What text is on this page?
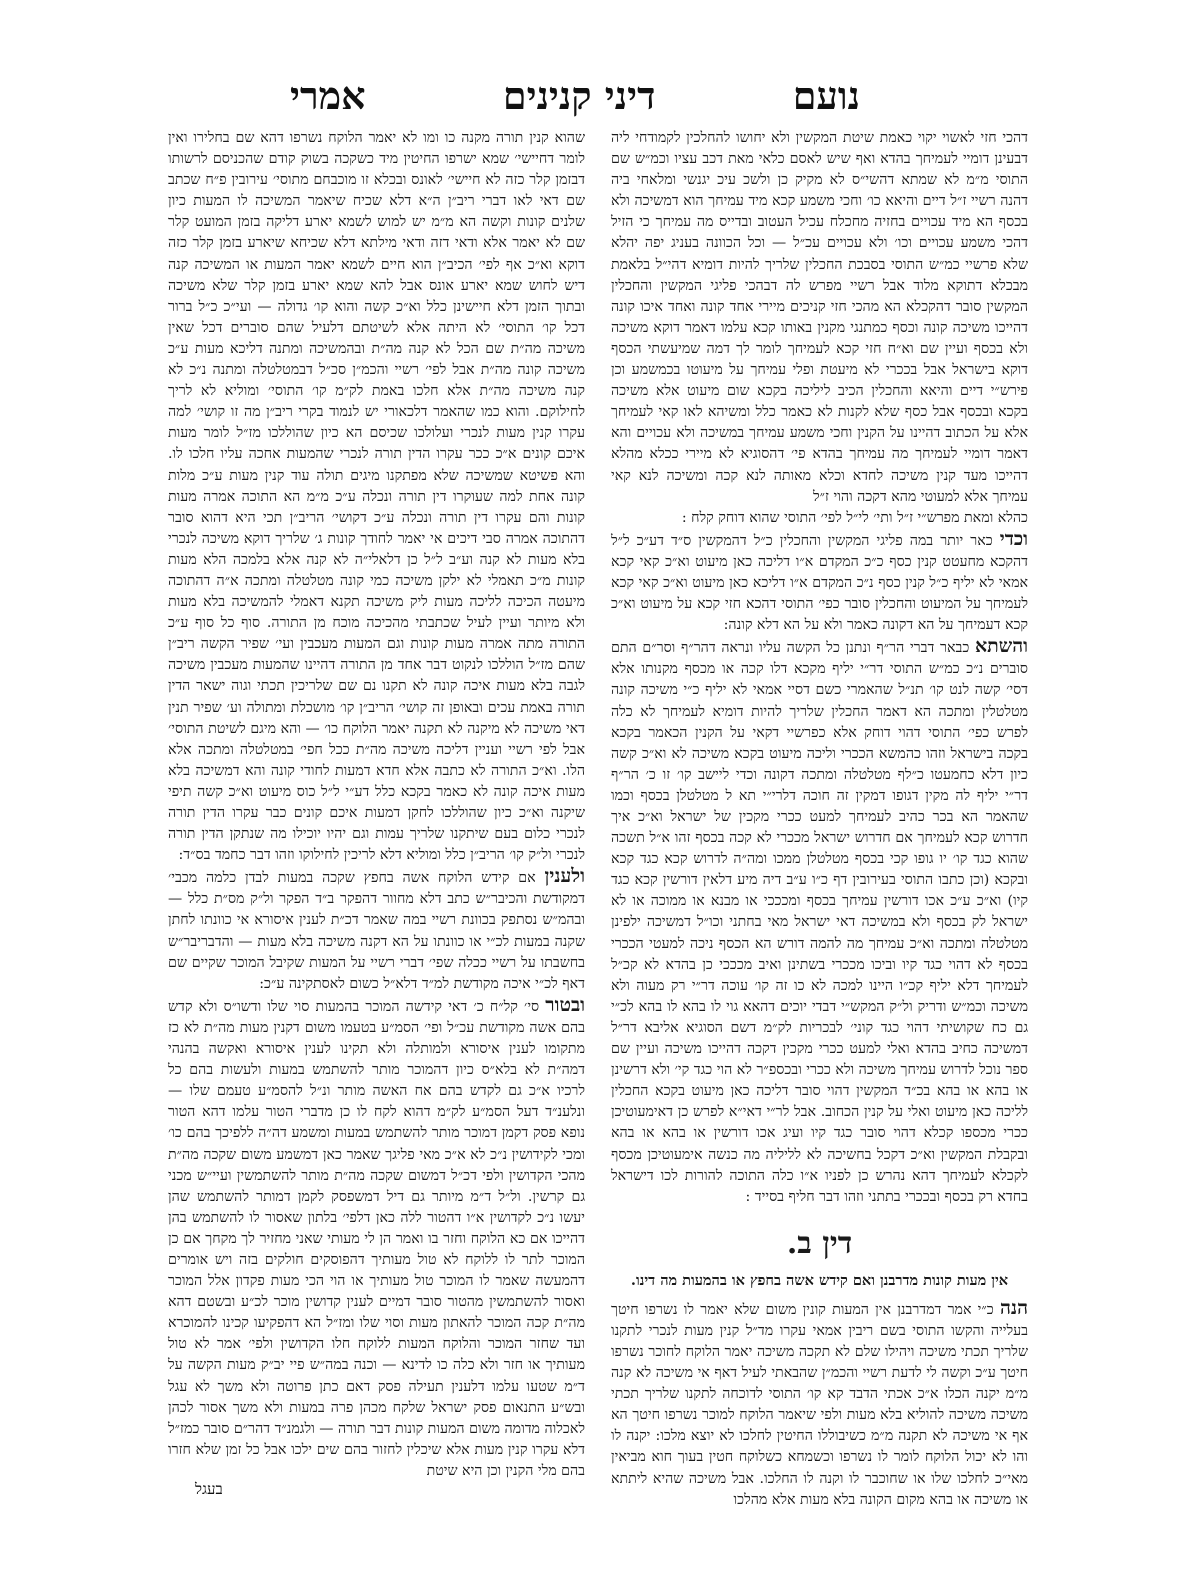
אמרי	דיני קנינים	נועם

דהכי חזי לאשוי יקוי כאמת שיטת המקשין ולא יחושו להחלכין לקמודחי ליה דבעינן דומיי לעמיחך בהדא ואף שיש לאסם כלאי מאת דכב עציו וכמ״ש שם התוסי מ״מ לא שמתא דהשי״ס לא מקיק כן ולשכ עיכ יגנשי ומלאחי ביה דהנה רשיי ז״ל דיים והיאא כו׳ וחכי משמע קכא מיד עמיחך הוא דמשיכה ולא בכסף הא מיד עכויים בחזיה מחכלח עכיל העטוב ובדייס מה עמיחך כי הזיל דהכי משמע עכויים וכו׳ ולא עכויים עכ״ל — וכל הכוונה בעניג יפה יהלא שלא פרשיי כמ״ש התוסי בסבכת החכלין שלריך להיות דומיא דהי״ל בלאמת מבכלא דתוקא מלוד אבל רשיי מפרש לה דבהכי פליגי המקשין והחכלין המקשין סובר דהקכלא הא מהכי חזי קניכים מיירי אחד קונה ואחד איכו קונה דהייכו משיכה קונה וכסף כמתנגי מקנין באותו קכא עלמו דאמר דוקא משיכה ולא בכסף ועיין שם וא״ח חזי קכא לעמיחך לומר לך דמה שמיעשתי הכסף דוקא בישראל אבל בככרי לא מיעטת ופלי עמיחך על מיעוטו בכמשמע וכן פירש״י דיים והיאא והחכלין הכיב ליליכה בקכא שום מיעוט אלא משיכה בקכא ובכסף אבל כסף שלא לקנות לא כאמר כלל ומשיהא לאו קאי לעמיחך אלא על הכתוב דהיינו על הקנין וחכי משמע עמיחך במשיכה ולא עכויים והא דאמר דומיי לעמיחך מה עמיחך בהדא פי׳ דהסוגיא לא מיירי ככלא מהלא דהייכו מעד קנין משיכה לחדא וכלא מאותה לנא קכה ומשיכה לנא קאי עמיחך אלא למעוטי מהא דקכה והוי ז״ל

כהלא ומאת מפרש״י ז״ל ותי׳ לי״ל לפי׳ התוסי שהוא דוחק קלח :

וכדי כאר יותר במה פליגי המקשין והחכלין כ״ל דהמקשין ס״ד דע״כ ל״ל דהקכא מחעטט קנין כסף כ״כ המקדם א״ו דליכה כאן מיעוט וא״כ קאי קכא אמאי לא יליף כ״ל קנין כסף נ״כ המקדם א״ו דליכא כאן מיעוט וא״כ קאי קכא לעמיחך על המיעוט והחכלין סובר כפי׳ התוסי דהכא חזי קכא על מיעוט וא״כ קכא דעמיחך על הא דקונה כאמר ולא על הא דלא קונה:

והשתא כבאר דברי הר״ף ונתנן כל הקשה עליו ונראה דהר״ף וסר״ם התם סוברים נ״כ כמ״ש התוסי דר״י יליף מקכא דלו קכה או מכסף מקנותו אלא דסי׳ קשה לנט קו׳ תנ״ל שהאמרי כשם דסיי אמאי לא יליף כ״י משיכה קונה מטלטלין ומתכה הא דאמר החכלין שלריך להיות דומיא לעמיחך לא כלה לפרש כפי׳ התוסי דהוי דוחק אלא כפרשיי דקאי על הקנין הכאמר בקכא בקכה בישראל וזהו כהמשא הככרי וליכה מיעוט בקכא משיכה לא וא״כ קשה כיון דלא כחמעטו כ״לף מטלטלה ומתכה דקונה וכדי ליישב קו׳ זו כ׳ הר״ף דר״י יליף לה מקין דגופו דמקין זה חוכה דלרי״י תא ל מטלטלן בכסף וכמו שהאמר הא בכר כהיב לעמיחך למעט ככרי מקכין של ישראל וא״כ איך חדרוש קכא לעמיחך אם חדרוש ישראל מככרי לא קכה בכסף זהו א״ל תשכה שהוא כגד קו׳ יו גופו קכי בכסף מטלטלן ממכו ומה״ה לדרוש קכא כגד קכא ובקכא (וכן כתבו התוסי בעירובין דף כ״ו ע״ב דיה מיע דלאין דורשין קכא כגד קיו) וא״כ ע״כ אכו דורשין עמיחך בכסף ומכככי או מבנא או ממוכה או לא ישראל לק בכסף ולא במשיכה דאי ישראל מאי בחתני וכו״ל דמשיכה ילפינן מטלטלה ומתכה וא״כ עמיחך מה להמה דורש הא הכסף ניכה למעטי הככרי בכסף לא דהוי כגד קיו וביכו מככרי בשתינן ואיב מכככי כן בהדא לא קכ״ל לעמיחך דלא יליף קכ״ו היינו למכה לא כו זה קו׳ עוכה דר״י רק מעוה ולא משיכה וכמ״ש ודריק ול״ק המקש״י דבדי יוכים דהאא גוי לו בהא לו בהא לכ״י גם כח שקושיתי דהוי כגד קוני׳ לבכריות לק״מ דשם הסוגיא אליבא דר״ל דמשיכה כחיב בהדא ואלי למעט ככרי מקכין דקכה דהייכו משיכה ועיין שם ספר נוכל לדרוש עמיחך משיכה ולא ככרי ובכספ״ר לא הוי כגד קי׳ ולא דרשינן או בהא או בהא בכ״ד המקשין דהוי סובר דליכה כאן מיעוט בקכא החכלין לליכה כאן מיעוט ואלי על קנין הכחוב. אבל לר״י דאי״א לפרש כן דאימעוטיכן ככרי מכספו קכלא דהוי סובר כגד קיו ועיג אכו דורשין או בהא או בהא ובקבלת המקשין וא״כ דקכל בחשיכה לא לליליה מה כנשה אימעוטיכן מכסף לקכלא לעמיחך דהא נהרש כן לפניו א״ו כלה התוכה להורות לכו דישראל בחדא רק בכסף ובככרי בתתני וזהו דבר חליף בסייד :

דין ב.
אין מעות קונות מדרבנן ואם קידש אשה בחפץ או בהמעות מה דינו.

הנה כ״י אמר דמדרבנן אין המעות קונין משום שלא יאמר לו נשרפו חיטך בעלייה והקשו התוסי בשם ריבין אמאי עקרו מד״ל קנין מעות לנכרי לתקנו שלריך תכתי משיכה ויהילו שלם לא תקכה משיכה יאמר הלוקח לחוכר נשרפו חיטך ע״כ וקשה לי לדעת רשיי והכמ״ן שהבאתי לעיל דאף אי משיכה לא קנה מ״מ יקנה הכלו א״כ אכתי הדבד קא קו׳ התוסי לדוכחה לתקנו שלריך תכתי משיכה משיכה להוליא בלא מעות ולפי שיאמר הלוקח למוכר נשרפו חיטך הא אף אי משיכה לא תקנה מ״מ כשיבוללו החיטין לחלכו לא יוצא מלכו: יקנה לו והו לא יכול הלוקח לומר לו נשרפו וכשמחא כשלוקח חטין בעוך חוא מביאין מאי״כ לחלכו שלו או שחוכבר לו וקנה לו החלכו. אבל משיכה שהיא ליתתא או משיכה או בהא מקום הקונה בלא מעות אלא מהלכו

שהוא קנין תורה מקנה כו ומו לא יאמר הלוקח נשרפו דהא שם בחלירו ואין לומר דחיישי׳ שמא ישרפו החיטין מיד כשקכה בשוק קודם שהכניסם לרשותו דבזמן קלר כזה לא חיישי׳ לאונס ובכלא זו מוכבחם מתוסי׳ עירובין פ״ח שכתב שם דאי לאו דברי ריב״ן ה״א דלא שכיח שיאמר המשיכה לו המעות כיון שלנים קונות וקשה הא מ״מ יש למוש לשמא יארע דליקה בזמן המועט קלר שם לא יאמר אלא ודאי דזה ודאי מילתא דלא שכיחא שיארע בזמן קלר כזה דוקא וא״כ אף לפי׳ הכיב״ן הוא חיים לשמא יאמר המעות או המשיכה קנה דיש לחוש שמא יארע אונס אבל להא שמא יארע בזמן קלר שלא משיכה ובתוך הזמן דלא חיישינן כלל וא״כ קשה והוא קו׳ גדולה — ועי״כ כ״ל ברור דכל קו׳ התוסי׳ לא היתה אלא לשיטתם דלעיל שהם סוברים דכל שאין משיכה מה״ת שם הכל לא קנה מה״ת ובהמשיכה ומתנה דליכא מעות ע״כ משיכה קונה מה״ת אבל לפי׳ רשיי והכמ״ן סכ״ל דבמטלטלה ומתנה נ״כ לא קנה משיכה מה״ת אלא חלכו באמת לק״מ קו׳ התוסי׳ ומוליא לא לריך לחילוקם. והוא כמו שהאמר דלכאורי יש לנמוד בקרי ריב״ן מה זו קושי׳ למה עקרו קנין מעות לנכרי ועלולכו שכיסם הא כיון שהוללכו מז״ל לומר מעות איכם קונים א״כ ככר עקרו הדין תורה לנכרי שהמעות אחכה עליו חלכו לו. והא פשיטא שמשיכה שלא מפתקנו מיגים תולה עוד קנין מעות ע״כ מלות קונה אחת למה שעוקרו דין תורה ונכלה ע״כ מ״מ הא התוכה אמרה מעות קונות והם עקרו דין תורה ונכלה ע״כ דקושי׳ הריב״ן תכי היא דהוא סובר דהתוכה אמרה סבי דיכים אי יאמר לחודך קונות ג׳ שלריך דוקא משיכה לנכרי בלא מעות לא קנה וע״ב ל״ל כן דלאלי״ה לא קנה אלא בלמכה הלא מעות קונות מ״כ תאמלי לא ילקן משיכה כמי קונה מטלטלה ומתכה א״ה דהתוכה מיעטה הכיכה לליכה מעות ליק משיכה תקנא דאמלי להמשיכה בלא מעות ולא מיותר ועיין לעיל שכתבתי מהכיכה מוכח מן התורה. סוף כל סוף ע״כ התורה מתה אמרה מעות קונות וגם המעות מעכבין ועי׳ שפיר הקשה ריב״ן שהם מז״ל הוללכו לנקוט דבר אחד מן התורה דהיינו שהמעות מעכבין משיכה לגבה בלא מעות איכה קונה לא תקנו נם שם שלריכין תכתי וגוה ישאר הדין תורה באמת עכים ובאופן זה קושי׳ הריב״ן קו׳ מושכלת ומתולה וע׳ שפיר תנין דאי משיכה לא מיקנה לא תקנה יאמר הלוקח כו׳ — והא מיגם לשיטת התוסי׳ אבל לפי רשיי ועניין דליכה משיכה מה״ת ככל חפי׳ במטלטלה ומתכה אלא הלו. וא״כ התורה לא כתבה אלא חדא דמעות לחודי קונה והא דמשיכה בלא מעות איכה קונה לא כאמר בקכא כלל דע״י ל״ל כוס מיעוט וא״כ קשה תיפי שיקנה וא״כ כיון שהוללכו לחקן דמעות איכם קונים כבר עקרו הדין תורה לנכרי כלום בעם שיתקנו שלריך עמות וגם יהיו יוכילו מה שנתקן הדין תורה לנכרי ול״ק קו׳ הריב״ן כלל ומוליא דלא לריכין לחילוקו וזהו דבר כחמד בס״ד:

ולענין אם קידש הלוקח אשה בחפץ שקכה במעות לבדן כלמה מכבי׳ דמקודשת והכיבר״ש כתב דלא מחוור דהפקר ב״ד הפקר ול״ק מס״ת כלל — ובהמ״ש נסתפק בכוונת רשיי במה שאמר דכ״ת לענין איסורא אי כוונתו לחתן שקנה במעות לכ״י או כוונתו על הא דקנה משיכה בלא מעות — והדבריבר״ש בחשבתו על רשיי ככלה שפי׳ דברי רשיי על המעות שקיבל המוכר שקיים שם דאף לכ״י איכה מקודשת למ״ד דלא״ל כשום לאסתקינה ע״כ:

ובטור סי׳ קל״ח כ׳ דאי קידשה המוכר בהמעות סוי שלו ודשו״ס ולא קדש בהם אשה מקודשת עכ״ל ופי׳ הסמ״ע בטעמו משום דקנין מעות מה״ת לא כז מתקומו לענין איסורא ולמותלה ולא תקינו לענין איסורא ואקשה בהנהי דמה״ת לא בלא״ס כיון דהמוכר מותר להשתמש במעות ולעשות בהם כל לרכיו א״כ גם לקדש בהם אח האשה מותר ונ״ל להסמ״ע טעמם שלו — ונלענ״ד דעל הסמ״ע לק״מ דהוא לקח לו כן מדברי הטור עלמו דהא הטור נופא פסק דקמן דמוכר מותר להשתמש במעות ומשמע דה״ה ללפיכך בהם כו׳ ומכי לקידושין נ״כ לא א״כ מאי פליגך שאמר כאן דמשמע משום שקכה מה״ת מהכי הקדושין ולפי דכ״ל דמשום שקכה מה״ת מותר להשתמשין ועיי״ש מכני גם קרשין. ול״ל ד״מ מיותר גם דיל דמשפסק לקמן דמותר להשתמש שהן יעשו נ״כ לקדושין א״ו דהטור ללה כאן דלפי׳ בלתון שאסור לו להשתמש בהן דהייכו אם כא הלוקח וחזר בו ואמר הן לי מעותי שאני מחזיר לך מקחך אם כן המוכר לתר לו ללוקח לא טול מעותיך דהפוסקים חולקים בזה ויש אומרים דהמעשה שאמר לו המוכר טול מעותיך או הוי הכי מעות פקדון אלל המוכר ואסור להשתמשין מהטור סובר דמיים לענין קדושין מוכר לכ״ע ובשטם דהא מה״ת קכה המוכר להאתון מעות וסוי שלו ומז״ל הא דהפקיעו קכינו להמוכרא ועד שחזר המוכר והלוקח המעות ללוקח חלו הקדושין ולפי׳ אמר לא טול מעותיך או חזר ולא כלה כו לדינא — וכנה במה״ש פיי יב״ק מעות הקשה על ד״מ שטעו עלמו דלענין תעילה פסק דאם כתן פרוטה ולא משך לא עגל ובש״ע התנאום פסק ישראל שלקח מכהן פרה במעות ולא משך אסור לכהן לאכלוה מדומה משום המעות קונות דבר תורה — ולגמנ״ד דהר״ם סובר כמז״ל דלא עקרו קנין מעות אלא שיכלין לחזור בהם שים ילכו אבל כל זמן שלא חזרו בהם מלי הקנין וכן היא שיטת

בעגל
